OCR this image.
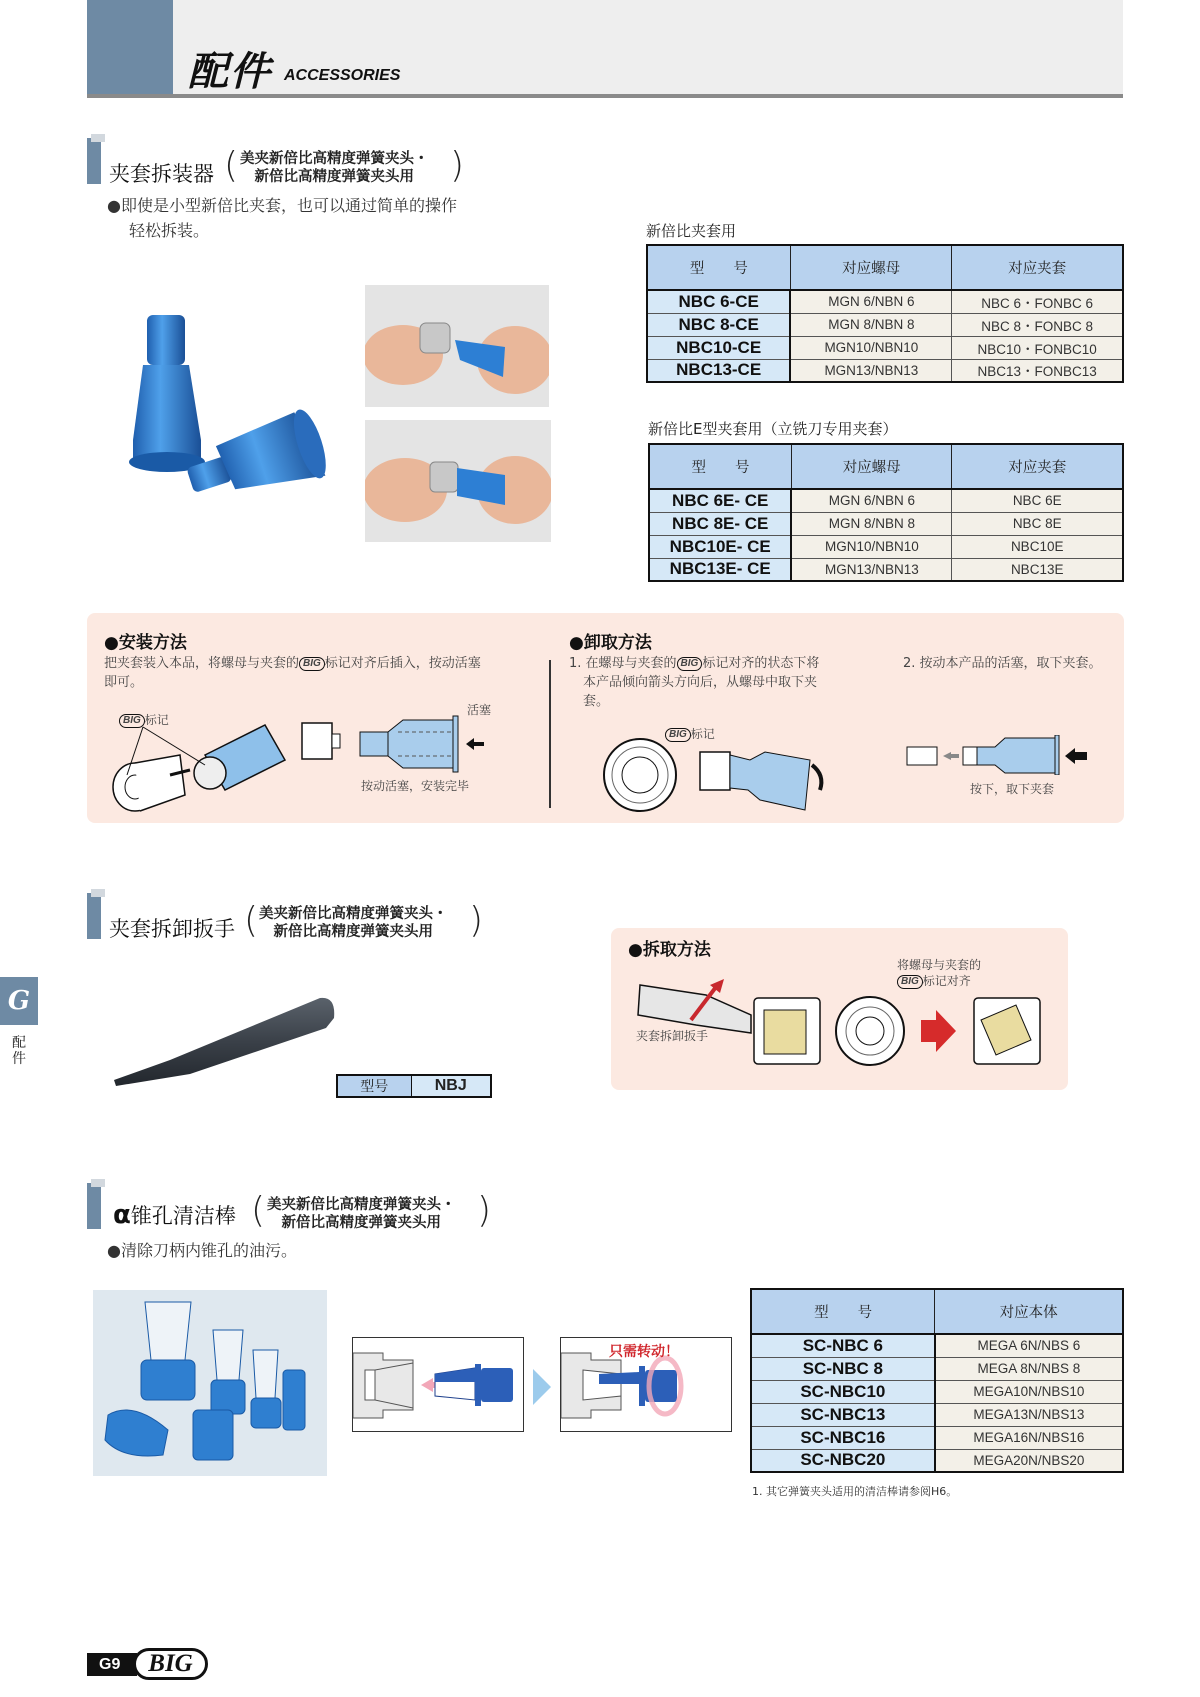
配件 ACCESSORIES
G
配件
夹套拆装器 ( 美夹新倍比高精度弹簧夹头・
新倍比高精度弹簧夹头用	)
●即使是小型新倍比夹套，也可以通过简单的操作
轻松拆装。	新倍比夹套用
型　　号	对应螺母	对应夹套
NBC 6-CE	MGN 6/NBN 6	NBC 6・FONBC 6
NBC 8-CE	MGN 8/NBN 8	NBC 8・FONBC 8
NBC10-CE	MGN10/NBN10	NBC10・FONBC10
NBC13-CE	MGN13/NBN13	NBC13・FONBC13
新倍比E型夹套用（立铣刀专用夹套）
型　　号	对应螺母	对应夹套
NBC 6E- CE	MGN 6/NBN 6	NBC 6E
NBC 8E- CE	MGN 8/NBN 8	NBC 8E
NBC10E- CE	MGN10/NBN10	NBC10E
NBC13E- CE	MGN13/NBN13	NBC13E
●安装方法
把夹套装入本品，将螺母与夹套的 BIG 标记对齐后插入，按动活塞
即可。
BIG 标记
活塞
按动活塞，安装完毕
●卸取方法
1. 在螺母与夹套的 BIG 标记对齐的状态下将
本产品倾向箭头方向后，从螺母中取下夹
套。
2. 按动本产品的活塞，取下夹套。
BIG 标记
按下，取下夹套
夹套拆卸扳手 ( 美夹新倍比高精度弹簧夹头・
新倍比高精度弹簧夹头用	)
型号	NBJ
●拆取方法
夹套拆卸扳手
将螺母与夹套的
BIG 标记对齐
α锥孔清洁棒 ( 美夹新倍比高精度弹簧夹头・
新倍比高精度弹簧夹头用	)
●清除刀柄内锥孔的油污。
只需转动！
型　　号	对应本体
SC-NBC 6	MEGA 6N/NBS 6
SC-NBC 8	MEGA 8N/NBS 8
SC-NBC10	MEGA10N/NBS10
SC-NBC13	MEGA13N/NBS13
SC-NBC16	MEGA16N/NBS16
SC-NBC20	MEGA20N/NBS20
1. 其它弹簧夹头适用的清洁棒请参阅H6。
G9	BIG
